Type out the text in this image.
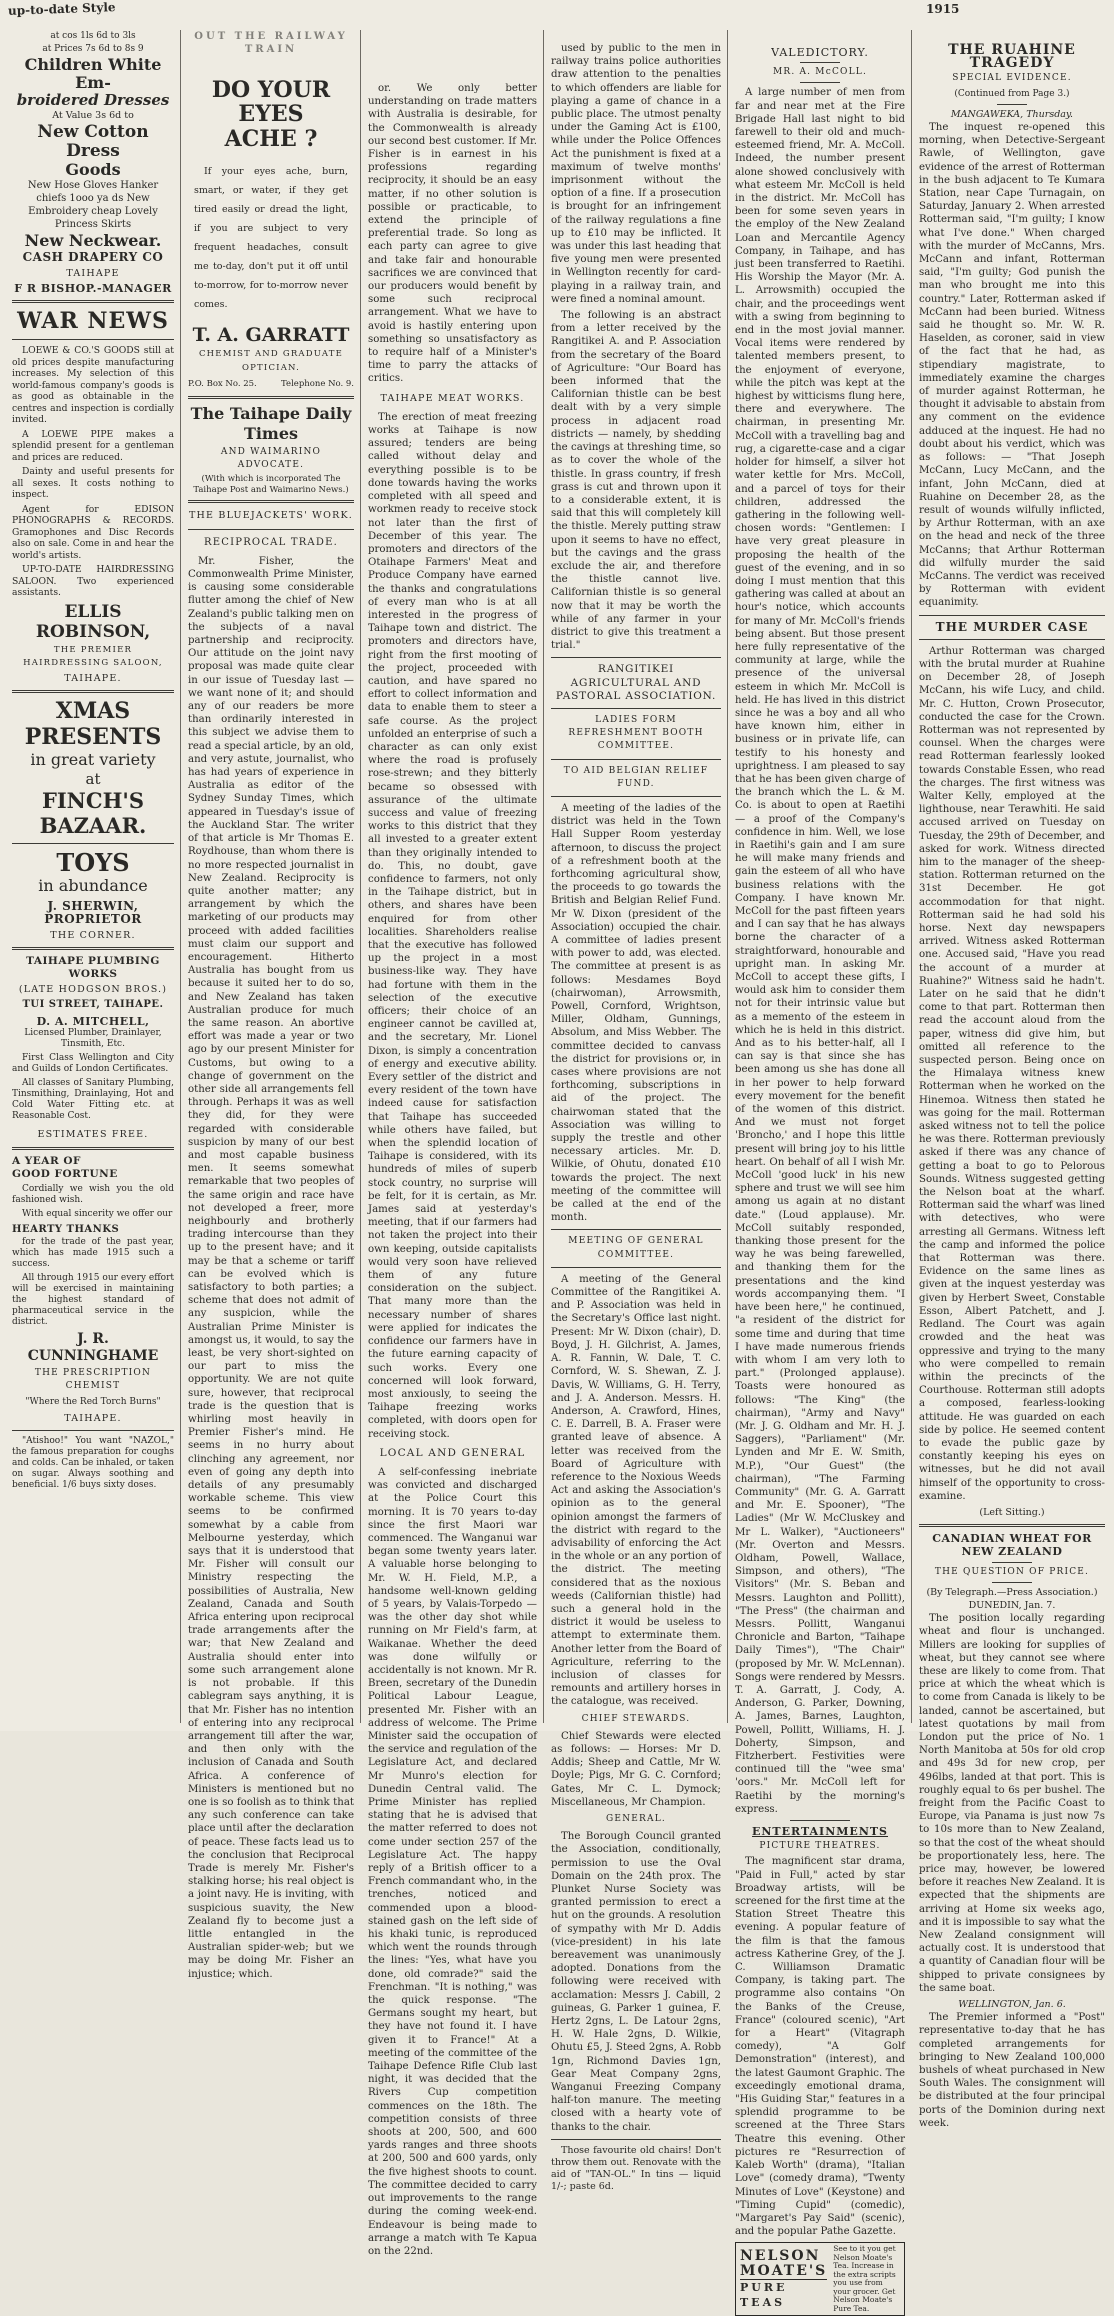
up-to-date Style	1915
at cos 1ls 6d to 3ls
at Prices 7s 6d to 8s 9
Children White Em-
broidered Dresses
At Value 3s 6d to
New Cotton Dress
Goods
New Hose Gloves Hanker
chiefs 1ooo ya ds New
Embroidery cheap Lovely
Princess Skirts
New Neckwear.
CASH DRAPERY CO
TAIHAPE
F R BISHOP.-MANAGER
WAR NEWS
LOEWE & CO.'S GOODS still at old prices despite manufacturing increases. My selection of this world-famous company's goods is as good as obtainable in the centres and inspection is cordially invited.
A LOEWE PIPE makes a splendid present for a gentleman and prices are reduced.
Dainty and useful presents for all sexes. It costs nothing to inspect.
Agent for EDISON PHONOGRAPHS & RECORDS. Gramophones and Disc Records also on sale. Come in and hear the world's artists.
UP-TO-DATE HAIRDRESSING SALOON. Two experienced assistants.
ELLIS ROBINSON,
THE PREMIER HAIRDRESSING SALOON,
TAIHAPE.
XMAS PRESENTS
in great variety
at
FINCH'S BAZAAR.
TOYS
in abundance
J. SHERWIN, PROPRIETOR
THE CORNER.
TAIHAPE PLUMBING WORKS
(LATE HODGSON BROS.)
TUI STREET, TAIHAPE.
D. A. MITCHELL,
Licensed Plumber, Drainlayer, Tinsmith, Etc.
First Class Wellington and City and Guilds of London Certificates.
All classes of Sanitary Plumbing, Tinsmithing, Drainlaying, Hot and Cold Water Fitting etc. at Reasonable Cost.
ESTIMATES FREE.
A YEAR OF
GOOD FORTUNE
Cordially we wish you the old fashioned wish.
With equal sincerity we offer our
HEARTY THANKS
for the trade of the past year, which has made 1915 such a success.
All through 1915 our every effort will be exercised in maintaining the highest standard of pharmaceutical service in the district.
J. R. CUNNINGHAME
THE PRESCRIPTION CHEMIST
"Where the Red Torch Burns"
TAIHAPE.
"Atishoo!" You want "NAZOL," the famous preparation for coughs and colds. Can be inhaled, or taken on sugar. Always soothing and beneficial. 1/6 buys sixty doses.
OUT THE RAILWAY TRAIN
DO YOUR EYES
ACHE ?
If your eyes ache, burn, smart, or water, if they get tired easily or dread the light, if you are subject to very frequent headaches, consult me to-day, don't put it off until to-morrow, for to-morrow never comes.
T. A. GARRATT
CHEMIST AND GRADUATE OPTICIAN.
P.O. Box No. 25.	Telephone No. 9.
The Taihape Daily Times
AND WAIMARINO ADVOCATE.
(With which is incorporated The Taihape Post and Waimarino News.)
THE BLUEJACKETS' WORK.
RECIPROCAL TRADE.
Mr. Fisher, the Commonwealth Prime Minister, is causing some considerable flutter among the chief of New Zealand's public talking men on the subjects of a naval partnership and reciprocity. Our attitude on the joint navy proposal was made quite clear in our issue of Tuesday last — we want none of it; and should any of our readers be more than ordinarily interested in this subject we advise them to read a special article, by an old, and very astute, journalist, who has had years of experience in Australia as editor of the Sydney Sunday Times, which appeared in Tuesday's issue of the Auckland Star. The writer of that article is Mr Thomas E. Roydhouse, than whom there is no more respected journalist in New Zealand. Reciprocity is quite another matter; any arrangement by which the marketing of our products may proceed with added facilities must claim our support and encouragement. Hitherto Australia has bought from us because it suited her to do so, and New Zealand has taken Australian produce for much the same reason. An abortive effort was made a year or two ago by our present Minister for Customs, but owing to a change of government on the other side all arrangements fell through. Perhaps it was as well they did, for they were regarded with considerable suspicion by many of our best and most capable business men. It seems somewhat remarkable that two peoples of the same origin and race have not developed a freer, more neighbourly and brotherly trading intercourse than they up to the present have; and it may be that a scheme or tariff can be evolved which is satisfactory to both parties; a scheme that does not admit of any suspicion, while the Australian Prime Minister is amongst us, it would, to say the least, be very short-sighted on our part to miss the opportunity. We are not quite sure, however, that reciprocal trade is the question that is whirling most heavily in Premier Fisher's mind. He seems in no hurry about clinching any agreement, nor even of going any depth into details of any presumably workable scheme. This view seems to be confirmed somewhat by a cable from Melbourne yesterday, which says that it is understood that Mr. Fisher will consult our Ministry respecting the possibilities of Australia, New Zealand, Canada and South Africa entering upon reciprocal trade arrangements after the war; that New Zealand and Australia should enter into some such arrangement alone is not probable. If this cablegram says anything, it is that Mr. Fisher has no intention of entering into any reciprocal arrangement till after the war, and then only with the inclusion of Canada and South Africa. A conference of Ministers is mentioned but no one is so foolish as to think that any such conference can take place until after the declaration of peace. These facts lead us to the conclusion that Reciprocal Trade is merely Mr. Fisher's stalking horse; his real object is a joint navy. He is inviting, with suspicious suavity, the New Zealand fly to become just a little entangled in the Australian spider-web; but we may be doing Mr. Fisher an injustice; which.
or. We only better understanding on trade matters with Australia is desirable, for the Commonwealth is already our second best customer. If Mr. Fisher is in earnest in his professions regarding reciprocity, it should be an easy matter, if no other solution is possible or practicable, to extend the principle of preferential trade. So long as each party can agree to give and take fair and honourable sacrifices we are convinced that our producers would benefit by some such reciprocal arrangement. What we have to avoid is hastily entering upon something so unsatisfactory as to require half of a Minister's time to parry the attacks of critics.
TAIHAPE MEAT WORKS.
The erection of meat freezing works at Taihape is now assured; tenders are being called without delay and everything possible is to be done towards having the works completed with all speed and workmen ready to receive stock not later than the first of December of this year. The promoters and directors of the Otaihape Farmers' Meat and Produce Company have earned the thanks and congratulations of every man who is at all interested in the progress of Taihape town and district. The promoters and directors have, right from the first mooting of the project, proceeded with caution, and have spared no effort to collect information and data to enable them to steer a safe course. As the project unfolded an enterprise of such a character as can only exist where the road is profusely rose-strewn; and they bitterly became so obsessed with assurance of the ultimate success and value of freezing works to this district that they all invested to a greater extent than they originally intended to do. This, no doubt, gave confidence to farmers, not only in the Taihape district, but in others, and shares have been enquired for from other localities. Shareholders realise that the executive has followed up the project in a most business-like way. They have had fortune with them in the selection of the executive officers; their choice of an engineer cannot be cavilled at, and the secretary, Mr. Lionel Dixon, is simply a concentration of energy and executive ability. Every settler of the district and every resident of the town have indeed cause for satisfaction that Taihape has succeeded while others have failed, but when the splendid location of Taihape is considered, with its hundreds of miles of superb stock country, no surprise will be felt, for it is certain, as Mr. James said at yesterday's meeting, that if our farmers had not taken the project into their own keeping, outside capitalists would very soon have relieved them of any future consideration on the subject. That many more than the necessary number of shares were applied for indicates the confidence our farmers have in the future earning capacity of such works. Every one concerned will look forward, most anxiously, to seeing the Taihape freezing works completed, with doors open for receiving stock.
LOCAL AND GENERAL
A self-confessing inebriate was convicted and discharged at the Police Court this morning. It is 70 years to-day since the first Maori war commenced. The Wanganui war began some twenty years later. A valuable horse belonging to Mr. W. H. Field, M.P., a handsome well-known gelding of 5 years, by Valais-Torpedo — was the other day shot while running on Mr Field's farm, at Waikanae. Whether the deed was done wilfully or accidentally is not known. Mr R. Breen, secretary of the Dunedin Political Labour League, presented Mr. Fisher with an address of welcome. The Prime Minister said the occupation of the service and regulation of the Legislature Act, and declared Mr Munro's election for Dunedin Central valid. The Prime Minister has replied stating that he is advised that the matter referred to does not come under section 257 of the Legislature Act. The happy reply of a British officer to a French commandant who, in the trenches, noticed and commended upon a blood-stained gash on the left side of his khaki tunic, is reproduced which went the rounds through the lines: "Yes, what have you done, old comrade?" said the Frenchman. "It is nothing," was the quick response. "The Germans sought my heart, but they have not found it. I have given it to France!" At a meeting of the committee of the Taihape Defence Rifle Club last night, it was decided that the Rivers Cup competition commences on the 18th. The competition consists of three shoots at 200, 500, and 600 yards ranges and three shoots at 200, 500 and 600 yards, only the five highest shoots to count. The committee decided to carry out improvements to the range during the coming week-end. Endeavour is being made to arrange a match with Te Kapua on the 22nd.
used by public to the men in railway trains police authorities draw attention to the penalties to which offenders are liable for playing a game of chance in a public place. The utmost penalty under the Gaming Act is £100, while under the Police Offences Act the punishment is fixed at a maximum of twelve months' imprisonment without the option of a fine. If a prosecution is brought for an infringement of the railway regulations a fine up to £10 may be inflicted. It was under this last heading that five young men were presented in Wellington recently for card-playing in a railway train, and were fined a nominal amount.
The following is an abstract from a letter received by the Rangitikei A. and P. Association from the secretary of the Board of Agriculture: "Our Board has been informed that the Californian thistle can be best dealt with by a very simple process in adjacent road districts — namely, by shedding the cavings at threshing time, so as to cover the whole of the thistle. In grass country, if fresh grass is cut and thrown upon it to a considerable extent, it is said that this will completely kill the thistle. Merely putting straw upon it seems to have no effect, but the cavings and the grass exclude the air, and therefore the thistle cannot live. Californian thistle is so general now that it may be worth the while of any farmer in your district to give this treatment a trial."
RANGITIKEI AGRICULTURAL AND PASTORAL ASSOCIATION.
LADIES FORM REFRESHMENT BOOTH COMMITTEE.
TO AID BELGIAN RELIEF FUND.
A meeting of the ladies of the district was held in the Town Hall Supper Room yesterday afternoon, to discuss the project of a refreshment booth at the forthcoming agricultural show, the proceeds to go towards the British and Belgian Relief Fund. Mr W. Dixon (president of the Association) occupied the chair. A committee of ladies present with power to add, was elected. The committee at present is as follows: Mesdames Boyd (chairwoman), Arrowsmith, Powell, Cornford, Wrightson, Miller, Oldham, Gunnings, Absolum, and Miss Webber. The committee decided to canvass the district for provisions or, in cases where provisions are not forthcoming, subscriptions in aid of the project. The chairwoman stated that the Association was willing to supply the trestle and other necessary articles. Mr. D. Wilkie, of Ohutu, donated £10 towards the project. The next meeting of the committee will be called at the end of the month.
MEETING OF GENERAL COMMITTEE.
A meeting of the General Committee of the Rangitikei A. and P. Association was held in the Secretary's Office last night. Present: Mr W. Dixon (chair), D. Boyd, J. H. Gilchrist, A. James, A. R. Fannin, W. Dale, T. C. Cornford, W. S. Shewan, Z. J. Davis, W. Williams, G. H. Terry, and J. A. Anderson. Messrs. H. Anderson, A. Crawford, Hines, C. E. Darrell, B. A. Fraser were granted leave of absence. A letter was received from the Board of Agriculture with reference to the Noxious Weeds Act and asking the Association's opinion as to the general opinion amongst the farmers of the district with regard to the advisability of enforcing the Act in the whole or an any portion of the district. The meeting considered that as the noxious weeds (Californian thistle) had such a general hold in the district it would be useless to attempt to exterminate them. Another letter from the Board of Agriculture, referring to the inclusion of classes for remounts and artillery horses in the catalogue, was received.
CHIEF STEWARDS.
Chief Stewards were elected as follows: — Horses: Mr D. Addis; Sheep and Cattle, Mr W. Doyle; Pigs, Mr G. C. Cornford; Gates, Mr C. L. Dymock; Miscellaneous, Mr Champion.
GENERAL.
The Borough Council granted the Association, conditionally, permission to use the Oval Domain on the 24th prox. The Plunket Nurse Society was granted permission to erect a hut on the grounds. A resolution of sympathy with Mr D. Addis (vice-president) in his late bereavement was unanimously adopted. Donations from the following were received with acclamation: Messrs J. Cabill, 2 guineas, G. Parker 1 guinea, F. Hertz 2gns, L. De Latour 2gns, H. W. Hale 2gns, D. Wilkie, Ohutu £5, J. Steed 2gns, A. Robb 1gn, Richmond Davies 1gn, Gear Meat Company 2gns, Wanganui Freezing Company half-ton manure. The meeting closed with a hearty vote of thanks to the chair.
Those favourite old chairs! Don't throw them out. Renovate with the aid of "TAN-OL." In tins — liquid 1/-; paste 6d.
VALEDICTORY.
MR. A. McCOLL.
A large number of men from far and near met at the Fire Brigade Hall last night to bid farewell to their old and much-esteemed friend, Mr. A. McColl. Indeed, the number present alone showed conclusively with what esteem Mr. McColl is held in the district. Mr. McColl has been for some seven years in the employ of the New Zealand Loan and Mercantile Agency Company, in Taihape, and has just been transferred to Raetihi. His Worship the Mayor (Mr. A. L. Arrowsmith) occupied the chair, and the proceedings went with a swing from beginning to end in the most jovial manner. Vocal items were rendered by talented members present, to the enjoyment of everyone, while the pitch was kept at the highest by witticisms flung here, there and everywhere. The chairman, in presenting Mr. McColl with a travelling bag and rug, a cigarette-case and a cigar holder for himself, a silver hot water kettle for Mrs. McColl, and a parcel of toys for their children, addressed the gathering in the following well-chosen words: "Gentlemen: I have very great pleasure in proposing the health of the guest of the evening, and in so doing I must mention that this gathering was called at about an hour's notice, which accounts for many of Mr. McColl's friends being absent. But those present here fully representative of the community at large, while the presence of the universal esteem in which Mr. McColl is held. He has lived in this district since he was a boy and all who have known him, either in business or in private life, can testify to his honesty and uprightness. I am pleased to say that he has been given charge of the branch which the L. & M. Co. is about to open at Raetihi — a proof of the Company's confidence in him. Well, we lose in Raetihi's gain and I am sure he will make many friends and gain the esteem of all who have business relations with the Company. I have known Mr. McColl for the past fifteen years and I can say that he has always borne the character of a straightforward, honourable and upright man. In asking Mr. McColl to accept these gifts, I would ask him to consider them not for their intrinsic value but as a memento of the esteem in which he is held in this district. And as to his better-half, all I can say is that since she has been among us she has done all in her power to help forward every movement for the benefit of the women of this district. And we must not forget 'Broncho,' and I hope this little present will bring joy to his little heart. On behalf of all I wish Mr. McColl 'good luck' in his new sphere and trust we will see him among us again at no distant date." (Loud applause). Mr. McColl suitably responded, thanking those present for the way he was being farewelled, and thanking them for the presentations and the kind words accompanying them. "I have been here," he continued, "a resident of the district for some time and during that time I have made numerous friends with whom I am very loth to part." (Prolonged applause). Toasts were honoured as follows: "The King" (the chairman), "Army and Navy" (Mr. J. G. Oldham and Mr. H. J. Saggers), "Parliament" (Mr. Lynden and Mr E. W. Smith, M.P.), "Our Guest" (the chairman), "The Farming Community" (Mr. G. A. Garratt and Mr. E. Spooner), "The Ladies" (Mr W. McCluskey and Mr L. Walker), "Auctioneers" (Mr. Overton and Messrs. Oldham, Powell, Wallace, Simpson, and others), "The Visitors" (Mr. S. Beban and Messrs. Laughton and Pollitt), "The Press" (the chairman and Messrs. Pollitt, Wanganui Chronicle and Barton, "Taihape Daily Times"), "The Chair" (proposed by Mr. W. McLennan). Songs were rendered by Messrs. T. A. Garratt, J. Cody, A. Anderson, G. Parker, Downing, A. James, Barnes, Laughton, Powell, Pollitt, Williams, H. J. Doherty, Simpson, and Fitzherbert. Festivities were continued till the "wee sma' 'oors." Mr. McColl left for Raetihi by the morning's express.
ENTERTAINMENTS
PICTURE THEATRES.
The magnificent star drama, "Paid in Full," acted by star Broadway artists, will be screened for the first time at the Station Street Theatre this evening. A popular feature of the film is that the famous actress Katherine Grey, of the J. C. Williamson Dramatic Company, is taking part. The programme also contains "On the Banks of the Creuse, France" (coloured scenic), "Art for a Heart" (Vitagraph comedy), "A Golf Demonstration" (interest), and the latest Gaumont Graphic. The exceedingly emotional drama, "His Guiding Star," features in a splendid programme to be screened at the Three Stars Theatre this evening. Other pictures re "Resurrection of Kaleb Worth" (drama), "Italian Love" (comedy drama), "Twenty Minutes of Love" (Keystone) and "Timing Cupid" (comedic), "Margaret's Pay Said" (scenic), and the popular Pathe Gazette.
NELSON MOATE'S
PURE TEAS
See to it you get Nelson Moate's Tea. Increase in the extra scripts you use from your grocer. Get Nelson Moate's Pure Tea.
THE RUAHINE TRAGEDY
SPECIAL EVIDENCE.
(Continued from Page 3.)
MANGAWEKA, Thursday.
The inquest re-opened this morning, when Detective-Sergeant Rawle, of Wellington, gave evidence of the arrest of Rotterman in the bush adjacent to Te Kumara Station, near Cape Turnagain, on Saturday, January 2. When arrested Rotterman said, "I'm guilty; I know what I've done." When charged with the murder of McCanns, Mrs. McCann and infant, Rotterman said, "I'm guilty; God punish the man who brought me into this country." Later, Rotterman asked if McCann had been buried. Witness said he thought so. Mr. W. R. Haselden, as coroner, said in view of the fact that he had, as stipendiary magistrate, to immediately examine the charges of murder against Rotterman, he thought it advisable to abstain from any comment on the evidence adduced at the inquest. He had no doubt about his verdict, which was as follows: — "That Joseph McCann, Lucy McCann, and the infant, John McCann, died at Ruahine on December 28, as the result of wounds wilfully inflicted, by Arthur Rotterman, with an axe on the head and neck of the three McCanns; that Arthur Rotterman did wilfully murder the said McCanns. The verdict was received by Rotterman with evident equanimity.
THE MURDER CASE
Arthur Rotterman was charged with the brutal murder at Ruahine on December 28, of Joseph McCann, his wife Lucy, and child. Mr. C. Hutton, Crown Prosecutor, conducted the case for the Crown. Rotterman was not represented by counsel. When the charges were read Rotterman fearlessly looked towards Constable Essen, who read the charges. The first witness was Walter Kelly, employed at the lighthouse, near Terawhiti. He said accused arrived on Tuesday on Tuesday, the 29th of December, and asked for work. Witness directed him to the manager of the sheep-station. Rotterman returned on the 31st December. He got accommodation for that night. Rotterman said he had sold his horse. Next day newspapers arrived. Witness asked Rotterman one. Accused said, "Have you read the account of a murder at Ruahine?" Witness said he hadn't. Later on he said that he didn't come to that part. Rotterman then read the account aloud from the paper, witness did give him, but omitted all reference to the suspected person. Being once on the Himalaya witness knew Rotterman when he worked on the Hinemoa. Witness then stated he was going for the mail. Rotterman asked witness not to tell the police he was there. Rotterman previously asked if there was any chance of getting a boat to go to Pelorous Sounds. Witness suggested getting the Nelson boat at the wharf. Rotterman said the wharf was lined with detectives, who were arresting all Germans. Witness left the camp and informed the police that Rotterman was there. Evidence on the same lines as given at the inquest yesterday was given by Herbert Sweet, Constable Esson, Albert Patchett, and J. Redland. The Court was again crowded and the heat was oppressive and trying to the many who were compelled to remain within the precincts of the Courthouse. Rotterman still adopts a composed, fearless-looking attitude. He was guarded on each side by police. He seemed content to evade the public gaze by constantly keeping his eyes on witnesses, but he did not avail himself of the opportunity to cross-examine.
(Left Sitting.)
CANADIAN WHEAT FOR NEW ZEALAND
THE QUESTION OF PRICE.
(By Telegraph.—Press Association.) DUNEDIN, Jan. 7.
The position locally regarding wheat and flour is unchanged. Millers are looking for supplies of wheat, but they cannot see where these are likely to come from. That price at which the wheat which is to come from Canada is likely to be landed, cannot be ascertained, but latest quotations by mail from London put the price of No. 1 North Manitoba at 50s for old crop and 49s 3d for new crop, per 496lbs, landed at that port. This is roughly equal to 6s per bushel. The freight from the Pacific Coast to Europe, via Panama is just now 7s to 10s more than to New Zealand, so that the cost of the wheat should be proportionately less, here. The price may, however, be lowered before it reaches New Zealand. It is expected that the shipments are arriving at Home six weeks ago, and it is impossible to say what the New Zealand consignment will actually cost. It is understood that a quantity of Canadian flour will be shipped to private consignees by the same boat.
WELLINGTON, Jan. 6.
The Premier informed a "Post" representative to-day that he has completed arrangements for bringing to New Zealand 100,000 bushels of wheat purchased in New South Wales. The consignment will be distributed at the four principal ports of the Dominion during next week.
